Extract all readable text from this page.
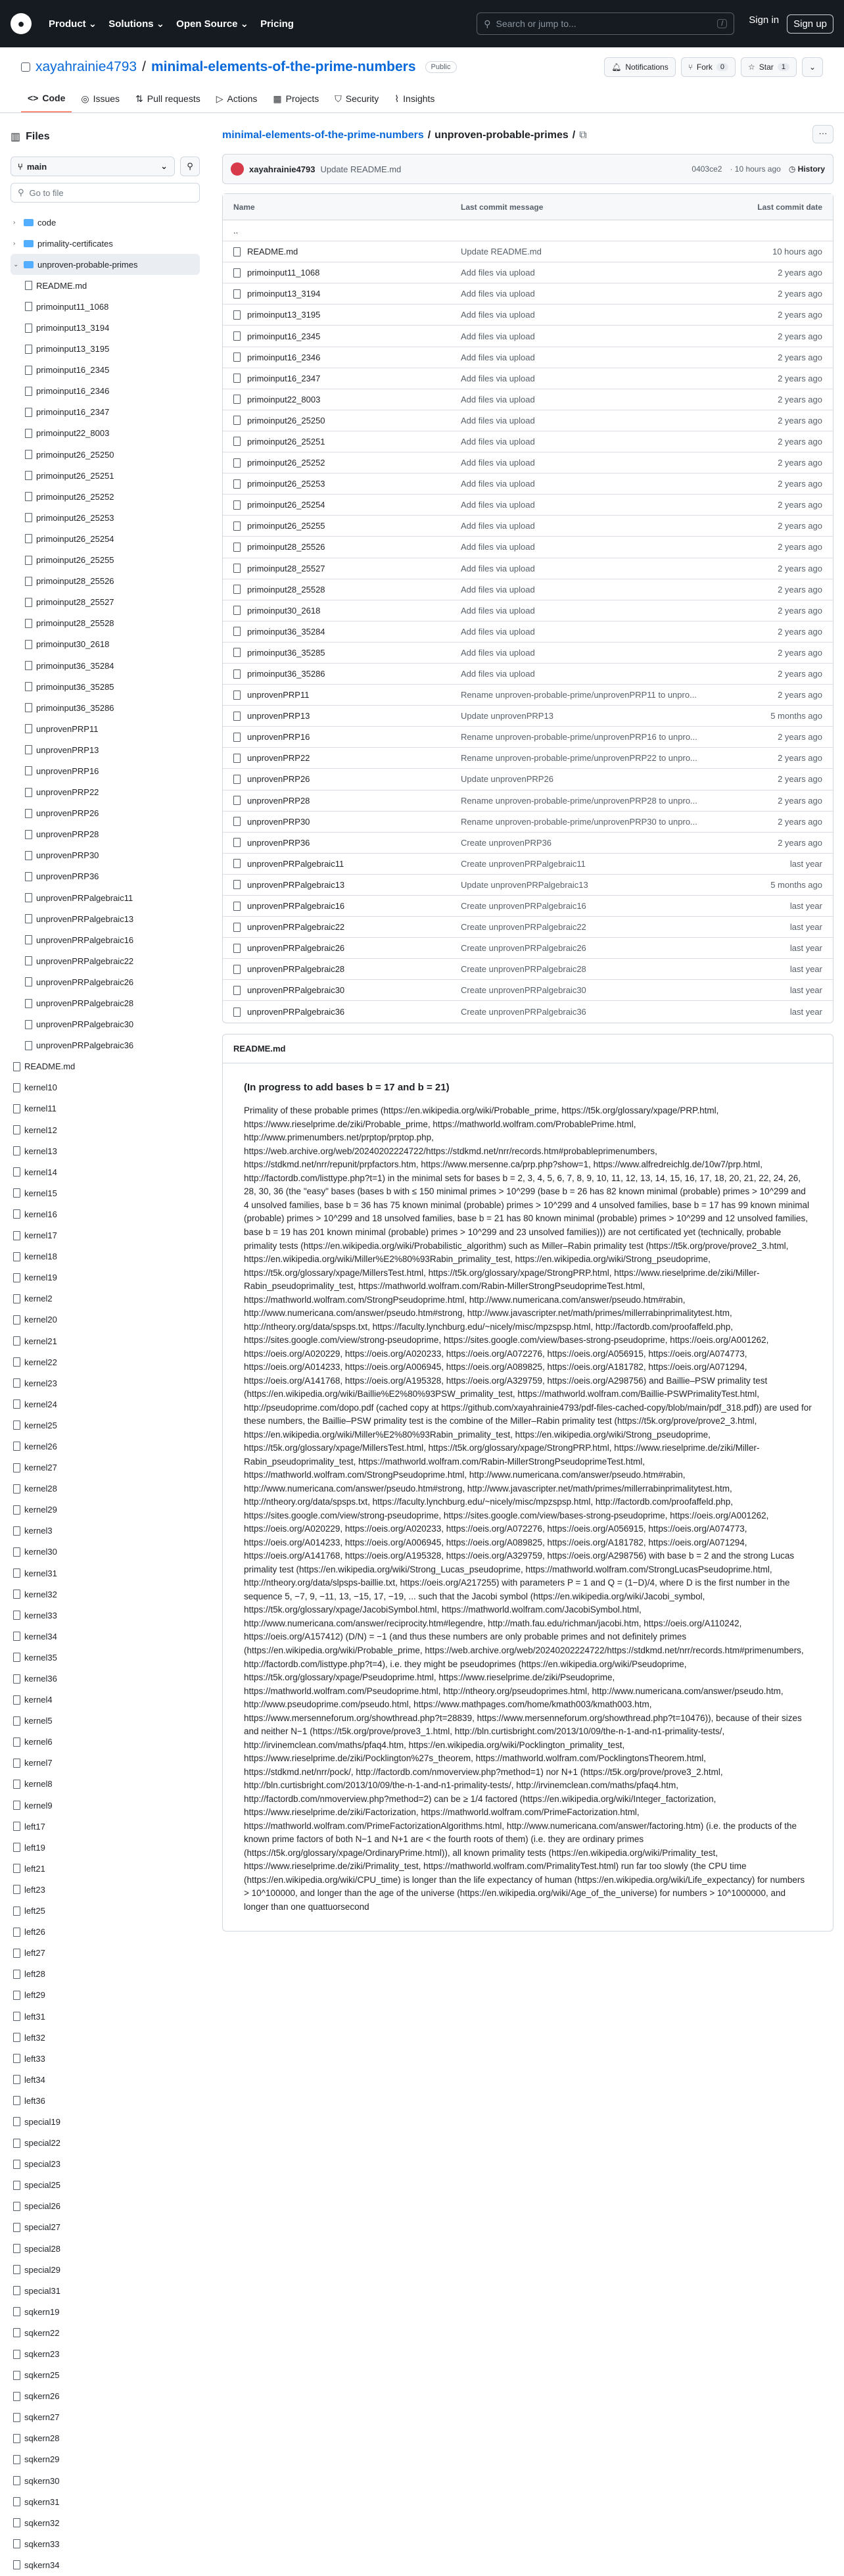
●	Product ⌄ Solutions ⌄ Open Source ⌄ Pricing	⚲ Search or jump to...	/	Sign in	Sign up
xayahrainie4793 / minimal-elements-of-the-prime-numbers	Public	🔔︎ Notifications	⑂ Fork	0	☆ Star	1	⌄
<> Code ◎ Issues ⇅ Pull requests ▷ Actions ▦ Projects ⛉ Security ⌇ Insights
▥ Files
⑂ main	⌄ ⚲
⚲ Go to file
›	code
›	primality-certificates
⌄ unproven-probable-primes
README.md
primoinput11_1068
primoinput13_3194
primoinput13_3195
primoinput16_2345
primoinput16_2346
primoinput16_2347
primoinput22_8003
primoinput26_25250
primoinput26_25251
primoinput26_25252
primoinput26_25253
primoinput26_25254
primoinput26_25255
primoinput28_25526
primoinput28_25527
primoinput28_25528
primoinput30_2618
primoinput36_35284
primoinput36_35285
primoinput36_35286
unprovenPRP11
unprovenPRP13
unprovenPRP16
unprovenPRP22
unprovenPRP26
unprovenPRP28
unprovenPRP30
unprovenPRP36
unprovenPRPalgebraic11
unprovenPRPalgebraic13
unprovenPRPalgebraic16
unprovenPRPalgebraic22
unprovenPRPalgebraic26
unprovenPRPalgebraic28
unprovenPRPalgebraic30
unprovenPRPalgebraic36
README.md
kernel10
kernel11
kernel12
kernel13
kernel14
kernel15
kernel16
kernel17
kernel18
kernel19
kernel2
kernel20
kernel21
kernel22
kernel23
kernel24
kernel25
kernel26
kernel27
kernel28
kernel29
kernel3
kernel30
kernel31
kernel32
kernel33
kernel34
kernel35
kernel36
kernel4
kernel5
kernel6
kernel7
kernel8
kernel9
left17
left19
left21
left23
left25
left26
left27
left28
left29
left31
left32
left33
left34
left36
special19
special22
special23
special25
special26
special27
special28
special29
special31
sqkern19
sqkern22
sqkern23
sqkern25
sqkern26
sqkern27
sqkern28
sqkern29
sqkern30
sqkern31
sqkern32
sqkern33
sqkern34
minimal-elements-of-the-prime-numbers / unproven-probable-primes / ⧉	···
xayahrainie4793 Update README.md	0403ce2 · 10 hours ago ◷ History
Name	Last commit message	Last commit date
..
README.md	Update README.md	10 hours ago
primoinput11_1068	Add files via upload	2 years ago
primoinput13_3194	Add files via upload	2 years ago
primoinput13_3195	Add files via upload	2 years ago
primoinput16_2345	Add files via upload	2 years ago
primoinput16_2346	Add files via upload	2 years ago
primoinput16_2347	Add files via upload	2 years ago
primoinput22_8003	Add files via upload	2 years ago
primoinput26_25250	Add files via upload	2 years ago
primoinput26_25251	Add files via upload	2 years ago
primoinput26_25252	Add files via upload	2 years ago
primoinput26_25253	Add files via upload	2 years ago
primoinput26_25254	Add files via upload	2 years ago
primoinput26_25255	Add files via upload	2 years ago
primoinput28_25526	Add files via upload	2 years ago
primoinput28_25527	Add files via upload	2 years ago
primoinput28_25528	Add files via upload	2 years ago
primoinput30_2618	Add files via upload	2 years ago
primoinput36_35284	Add files via upload	2 years ago
primoinput36_35285	Add files via upload	2 years ago
primoinput36_35286	Add files via upload	2 years ago
unprovenPRP11	Rename unproven-probable-prime/unprovenPRP11 to unpro...	2 years ago
unprovenPRP13	Update unprovenPRP13	5 months ago
unprovenPRP16	Rename unproven-probable-prime/unprovenPRP16 to unpro...	2 years ago
unprovenPRP22	Rename unproven-probable-prime/unprovenPRP22 to unpro...	2 years ago
unprovenPRP26	Update unprovenPRP26	2 years ago
unprovenPRP28	Rename unproven-probable-prime/unprovenPRP28 to unpro...	2 years ago
unprovenPRP30	Rename unproven-probable-prime/unprovenPRP30 to unpro...	2 years ago
unprovenPRP36	Create unprovenPRP36	2 years ago
unprovenPRPalgebraic11	Create unprovenPRPalgebraic11	last year
unprovenPRPalgebraic13	Update unprovenPRPalgebraic13	5 months ago
unprovenPRPalgebraic16	Create unprovenPRPalgebraic16	last year
unprovenPRPalgebraic22	Create unprovenPRPalgebraic22	last year
unprovenPRPalgebraic26	Create unprovenPRPalgebraic26	last year
unprovenPRPalgebraic28	Create unprovenPRPalgebraic28	last year
unprovenPRPalgebraic30	Create unprovenPRPalgebraic30	last year
unprovenPRPalgebraic36	Create unprovenPRPalgebraic36	last year
README.md
(In progress to add bases b = 17 and b = 21)

Primality of these probable primes (https://en.wikipedia.org/wiki/Probable_prime, https://t5k.org/glossary/xpage/PRP.html, https://www.rieselprime.de/ziki/Probable_prime, https://mathworld.wolfram.com/ProbablePrime.html, http://www.primenumbers.net/prptop/prptop.php, https://web.archive.org/web/20240202224722/https://stdkmd.net/nrr/records.htm#probableprimenumbers, https://stdkmd.net/nrr/repunit/prpfactors.htm, https://www.mersenne.ca/prp.php?show=1, https://www.alfredreichlg.de/10w7/prp.html, http://factordb.com/listtype.php?t=1) in the minimal sets for bases b = 2, 3, 4, 5, 6, 7, 8, 9, 10, 11, 12, 13, 14, 15, 16, 17, 18, 20, 21, 22, 24, 26, 28, 30, 36 (the "easy" bases (bases b with ≤ 150 minimal primes > 10^299 (base b = 26 has 82 known minimal (probable) primes > 10^299 and 4 unsolved families, base b = 36 has 75 known minimal (probable) primes > 10^299 and 4 unsolved families, base b = 17 has 99 known minimal (probable) primes > 10^299 and 18 unsolved families, base b = 21 has 80 known minimal (probable) primes > 10^299 and 12 unsolved families, base b = 19 has 201 known minimal (probable) primes > 10^299 and 23 unsolved families))) are not certificated yet (technically, probable primality tests (https://en.wikipedia.org/wiki/Probabilistic_algorithm) such as Miller–Rabin primality test (https://t5k.org/prove/prove2_3.html, https://en.wikipedia.org/wiki/Miller%E2%80%93Rabin_primality_test, https://en.wikipedia.org/wiki/Strong_pseudoprime, https://t5k.org/glossary/xpage/MillersTest.html, https://t5k.org/glossary/xpage/StrongPRP.html, https://www.rieselprime.de/ziki/Miller-Rabin_pseudoprimality_test, https://mathworld.wolfram.com/Rabin-MillerStrongPseudoprimeTest.html, https://mathworld.wolfram.com/StrongPseudoprime.html, http://www.numericana.com/answer/pseudo.htm#rabin, http://www.numericana.com/answer/pseudo.htm#strong, http://www.javascripter.net/math/primes/millerrabinprimalitytest.htm, http://ntheory.org/data/spsps.txt, https://faculty.lynchburg.edu/~nicely/misc/mpzspsp.html, http://factordb.com/proofaffeld.php, https://sites.google.com/view/strong-pseudoprime, https://sites.google.com/view/bases-strong-pseudoprime, https://oeis.org/A001262, https://oeis.org/A020229, https://oeis.org/A020233, https://oeis.org/A072276, https://oeis.org/A056915, https://oeis.org/A074773, https://oeis.org/A014233, https://oeis.org/A006945, https://oeis.org/A089825, https://oeis.org/A181782, https://oeis.org/A071294, https://oeis.org/A141768, https://oeis.org/A195328, https://oeis.org/A329759, https://oeis.org/A298756) and Baillie–PSW primality test (https://en.wikipedia.org/wiki/Baillie%E2%80%93PSW_primality_test, https://mathworld.wolfram.com/Baillie-PSWPrimalityTest.html, http://pseudoprime.com/dopo.pdf (cached copy at https://github.com/xayahrainie4793/pdf-files-cached-copy/blob/main/pdf_318.pdf)) are used for these numbers, the Baillie–PSW primality test is the combine of the Miller–Rabin primality test (https://t5k.org/prove/prove2_3.html, https://en.wikipedia.org/wiki/Miller%E2%80%93Rabin_primality_test, https://en.wikipedia.org/wiki/Strong_pseudoprime, https://t5k.org/glossary/xpage/MillersTest.html, https://t5k.org/glossary/xpage/StrongPRP.html, https://www.rieselprime.de/ziki/Miller-Rabin_pseudoprimality_test, https://mathworld.wolfram.com/Rabin-MillerStrongPseudoprimeTest.html, https://mathworld.wolfram.com/StrongPseudoprime.html, http://www.numericana.com/answer/pseudo.htm#rabin, http://www.numericana.com/answer/pseudo.htm#strong, http://www.javascripter.net/math/primes/millerrabinprimalitytest.htm, http://ntheory.org/data/spsps.txt, https://faculty.lynchburg.edu/~nicely/misc/mpzspsp.html, http://factordb.com/proofaffeld.php, https://sites.google.com/view/strong-pseudoprime, https://sites.google.com/view/bases-strong-pseudoprime, https://oeis.org/A001262, https://oeis.org/A020229, https://oeis.org/A020233, https://oeis.org/A072276, https://oeis.org/A056915, https://oeis.org/A074773, https://oeis.org/A014233, https://oeis.org/A006945, https://oeis.org/A089825, https://oeis.org/A181782, https://oeis.org/A071294, https://oeis.org/A141768, https://oeis.org/A195328, https://oeis.org/A329759, https://oeis.org/A298756) with base b = 2 and the strong Lucas primality test (https://en.wikipedia.org/wiki/Strong_Lucas_pseudoprime, https://mathworld.wolfram.com/StrongLucasPseudoprime.html, http://ntheory.org/data/slpsps-baillie.txt, https://oeis.org/A217255) with parameters P = 1 and Q = (1−D)/4, where D is the first number in the sequence 5, −7, 9, −11, 13, −15, 17, −19, ... such that the Jacobi symbol (https://en.wikipedia.org/wiki/Jacobi_symbol, https://t5k.org/glossary/xpage/JacobiSymbol.html, https://mathworld.wolfram.com/JacobiSymbol.html, http://www.numericana.com/answer/reciprocity.htm#legendre, http://math.fau.edu/richman/jacobi.htm, https://oeis.org/A110242, https://oeis.org/A157412) (D/N) = −1 (and thus these numbers are only probable primes and not definitely primes (https://en.wikipedia.org/wiki/Probable_prime, https://web.archive.org/web/20240202224722/https://stdkmd.net/nrr/records.htm#primenumbers, http://factordb.com/listtype.php?t=4), i.e. they might be pseudoprimes (https://en.wikipedia.org/wiki/Pseudoprime, https://t5k.org/glossary/xpage/Pseudoprime.html, https://www.rieselprime.de/ziki/Pseudoprime, https://mathworld.wolfram.com/Pseudoprime.html, http://ntheory.org/pseudoprimes.html, http://www.numericana.com/answer/pseudo.htm, http://www.pseudoprime.com/pseudo.html, https://www.mathpages.com/home/kmath003/kmath003.htm, https://www.mersenneforum.org/showthread.php?t=28839, https://www.mersenneforum.org/showthread.php?t=10476)), because of their sizes and neither N−1 (https://t5k.org/prove/prove3_1.html, http://bln.curtisbright.com/2013/10/09/the-n-1-and-n1-primality-tests/, http://irvinemclean.com/maths/pfaq4.htm, https://en.wikipedia.org/wiki/Pocklington_primality_test, https://www.rieselprime.de/ziki/Pocklington%27s_theorem, https://mathworld.wolfram.com/PocklingtonsTheorem.html, https://stdkmd.net/nrr/pock/, http://factordb.com/nmoverview.php?method=1) nor N+1 (https://t5k.org/prove/prove3_2.html, http://bln.curtisbright.com/2013/10/09/the-n-1-and-n1-primality-tests/, http://irvinemclean.com/maths/pfaq4.htm, http://factordb.com/nmoverview.php?method=2) can be ≥ 1/4 factored (https://en.wikipedia.org/wiki/Integer_factorization, https://www.rieselprime.de/ziki/Factorization, https://mathworld.wolfram.com/PrimeFactorization.html, https://mathworld.wolfram.com/PrimeFactorizationAlgorithms.html, http://www.numericana.com/answer/factoring.htm) (i.e. the products of the known prime factors of both N−1 and N+1 are < the fourth roots of them) (i.e. they are ordinary primes (https://t5k.org/glossary/xpage/OrdinaryPrime.html)), all known primality tests (https://en.wikipedia.org/wiki/Primality_test, https://www.rieselprime.de/ziki/Primality_test, https://mathworld.wolfram.com/PrimalityTest.html) run far too slowly (the CPU time (https://en.wikipedia.org/wiki/CPU_time) is longer than the life expectancy of human (https://en.wikipedia.org/wiki/Life_expectancy) for numbers > 10^100000, and longer than the age of the universe (https://en.wikipedia.org/wiki/Age_of_the_universe) for numbers > 10^1000000, and longer than one quattuorsecond
